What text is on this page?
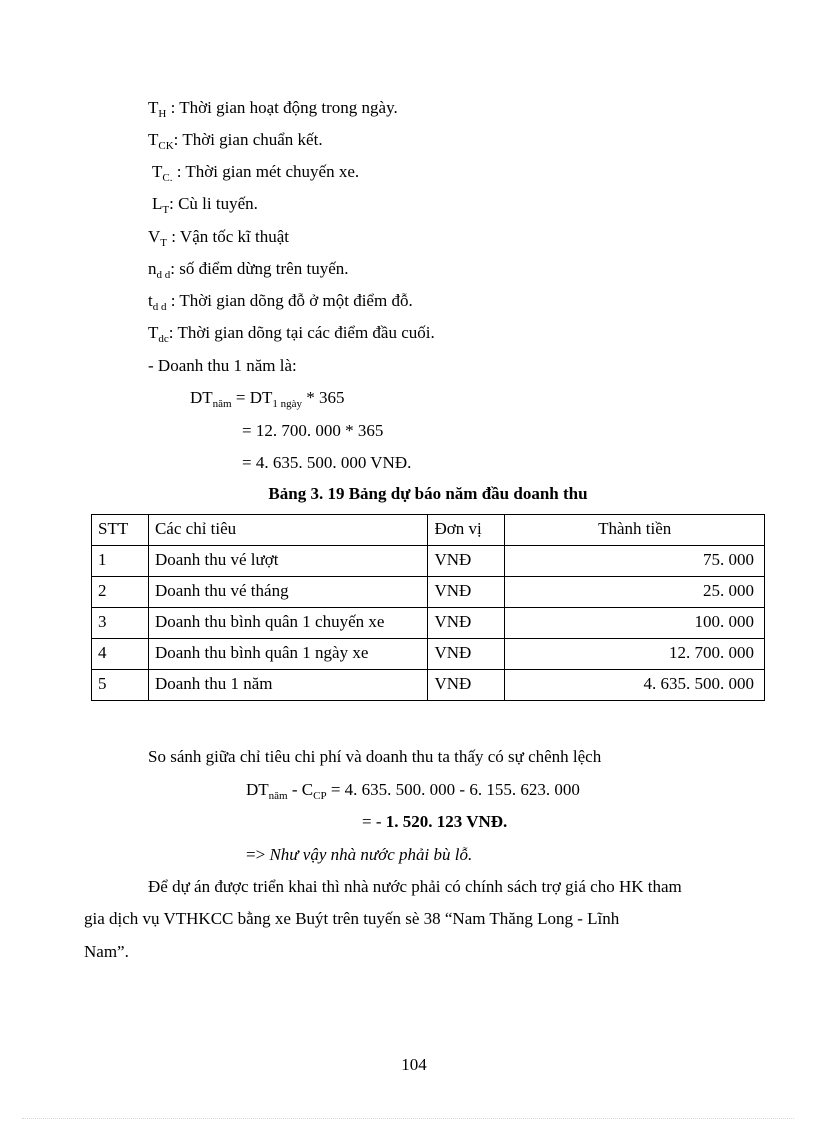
$T_H$ : Thời gian hoạt động trong ngày.
$T_{CK}$: Thời gian chuẩn kết.
$T_{C.}$ : Thời gian mét chuyến xe.
$L_T$: Cù li tuyến.
$V_T$ : Vận tốc kĩ thuật
$n_{d d}$: số điểm dừng trên tuyến.
$t_{d d}$ : Thời gian dõng đỗ ở một điểm đỗ.
$T_{dc}$: Thời gian dõng tại các điểm đầu cuối.
- Doanh thu 1 năm là:
$DT_{năm} = DT_{1 ngày} * 365$
= 12. 700. 000 * 365
= 4. 635. 500. 000 VNĐ.
Bảng 3. 19 Bảng dự báo năm đầu doanh thu
STT	Các chỉ tiêu	Đơn vị	Thành tiền
1	Doanh thu vé lượt	VNĐ	75. 000
2	Doanh thu vé tháng	VNĐ	25. 000
3	Doanh thu bình quân 1 chuyến xe	VNĐ	100. 000
4	Doanh thu bình quân 1 ngày xe	VNĐ	12. 700. 000
5	Doanh thu 1 năm	VNĐ	4. 635. 500. 000
So sánh giữa chỉ tiêu chi phí và doanh thu ta thấy có sự chênh lệch
$DT_{năm} - C_{CP} = 4$. 635. 500. 000 - 6. 155. 623. 000
= - 1. 520. 123 VNĐ.
=> Như vậy nhà nước phải bù lỗ.
Để dự án được triển khai thì nhà nước phải có chính sách trợ giá cho HK tham
gia dịch vụ VTHKCC bằng xe Buýt trên tuyến sè 38 “Nam Thăng Long - Lĩnh
Nam”.
104
